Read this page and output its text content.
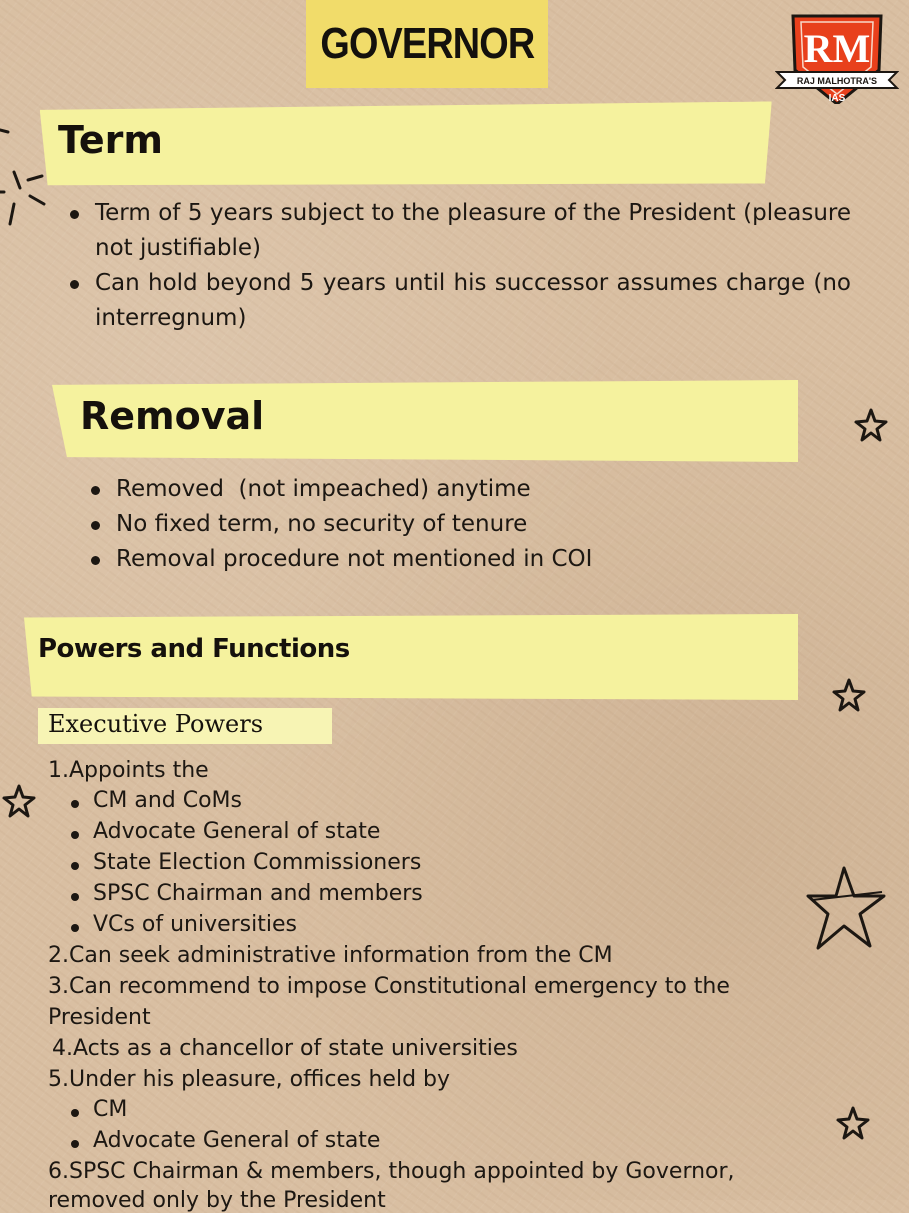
GOVERNOR	RM
RAJ MALHOTRA'S
IAS
Term
Term of 5 years subject to the pleasure of the President (pleasure not justifiable)
Can hold beyond 5 years until his successor assumes charge (no interregnum)
Removal
Removed  (not impeached) anytime
No fixed term, no security of tenure
Removal procedure not mentioned in COI
Powers and Functions
Executive Powers
1.Appoints the
CM and CoMs
Advocate General of state
State Election Commissioners
SPSC Chairman and members
VCs of universities
2.Can seek administrative information from the CM
3.Can recommend to impose Constitutional emergency to the
President
4.Acts as a chancellor of state universities
5.Under his pleasure, offices held by
CM
Advocate General of state
6.SPSC Chairman & members, though appointed by Governor,
removed only by the President
